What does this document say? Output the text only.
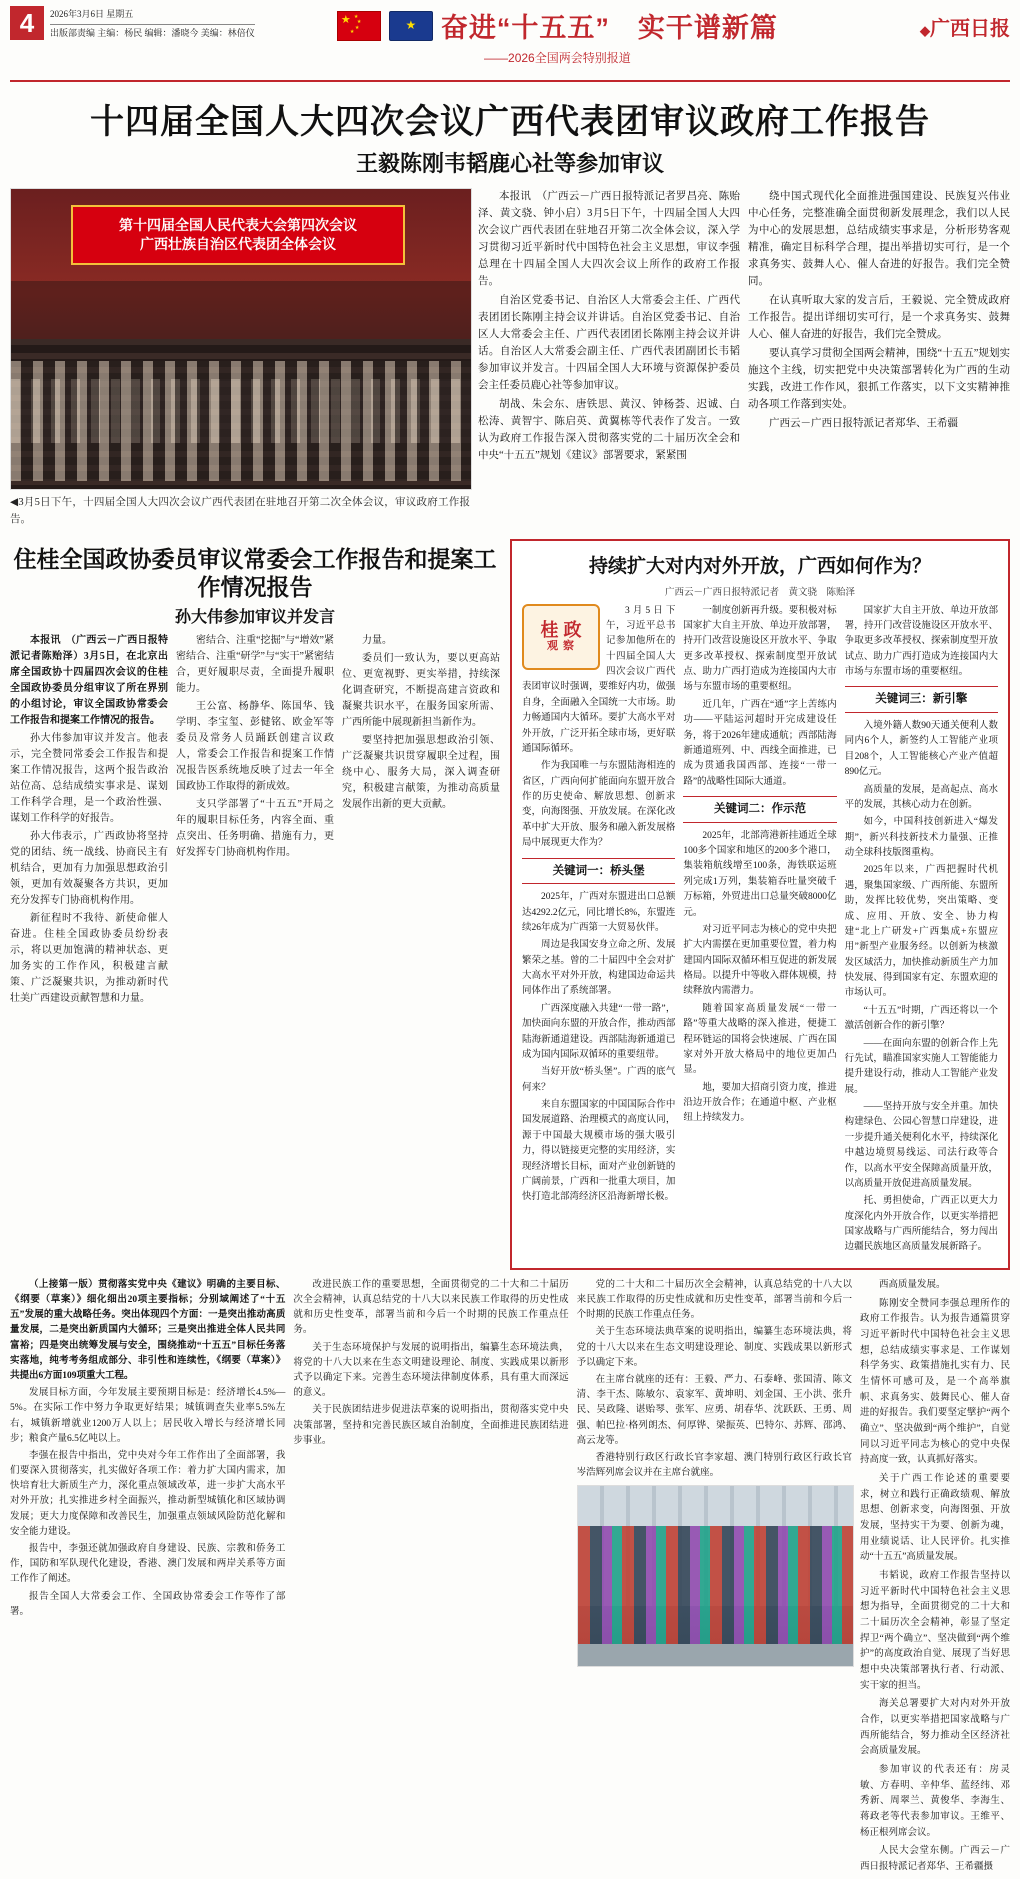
4	2026年3月6日 星期五
出版部责编 主编：杨民 编辑：潘晓今 美编：林倍仪
★ ★
★
★
★ ★	奋进“十五五”　实干谱新篇
——2026全国两会特别报道
◆广西日报
十四届全国人大四次会议广西代表团审议政府工作报告
王毅陈刚韦韬鹿心社等参加审议
第十四届全国人民代表大会第四次会议
广西壮族自治区代表团全体会议
◀3月5日下午，十四届全国人大四次会议广西代表团在驻地召开第二次全体会议，审议政府工作报告。

本报讯　（广西云－广西日报特派记者罗昌亮、陈贻泽、黄文骁、钟小启）3月5日下午，十四届全国人大四次会议广西代表团在驻地召开第二次全体会议，深入学习贯彻习近平新时代中国特色社会主义思想，审议李强总理在十四届全国人大四次会议上所作的政府工作报告。

自治区党委书记、自治区人大常委会主任、广西代表团团长陈刚主持会议并讲话。自治区党委书记、自治区人大常委会主任、广西代表团团长陈刚主持会议并讲话。自治区人大常委会副主任、广西代表团副团长韦韬参加审议并发言。十四届全国人大环境与资源保护委员会主任委员鹿心社等参加审议。

胡战、朱会东、唐铁思、黄汉、钟杨荟、迟诚、白松涛、黄智宇、陈启英、黄翼栋等代表作了发言。一致认为政府工作报告深入贯彻落实党的二十届历次全会和中央“十五五”规划《建议》部署要求，紧紧围

绕中国式现代化全面推进强国建设、民族复兴伟业中心任务，完整准确全面贯彻新发展理念，我们以人民为中心的发展思想，总结成绩实事求是，分析形势客观精准，确定目标科学合理，提出举措切实可行，是一个求真务实、鼓舞人心、催人奋进的好报告。我们完全赞同。

在认真听取大家的发言后，王毅说、完全赞成政府工作报告。提出详细切实可行，是一个求真务实、鼓舞人心、催人奋进的好报告，我们完全赞成。

要认真学习贯彻全国两会精神，围绕“十五五”规划实施这个主线，切实把党中央决策部署转化为广西的生动实践，改进工作作风，狠抓工作落实，以下文实精神推动各项工作落到实处。

广西云－广西日报特派记者郑华、王希疆

住桂全国政协委员审议常委会工作报告和提案工作情况报告
孙大伟参加审议并发言

本报讯　（广西云－广西日报特派记者陈贻泽）3月5日，在北京出席全国政协十四届四次会议的住桂全国政协委员分组审议了所在界别的小组讨论，审议全国政协常委会工作报告和提案工作情况的报告。

孙大伟参加审议并发言。他表示，完全赞同常委会工作报告和提案工作情况报告，这两个报告政治站位高、总结成绩实事求是、谋划工作科学合理，是一个政治性强、谋划工作科学的好报告。

孙大伟表示，广西政协将坚持党的团结、统一战线、协商民主有机结合，更加有力加强思想政治引领，更加有效凝聚各方共识，更加充分发挥专门协商机构作用。

新征程时不我待、新使命催人奋进。住桂全国政协委员纷纷表示，将以更加饱满的精神状态、更加务实的工作作风，积极建言献策、广泛凝聚共识，为推动新时代壮美广西建设贡献智慧和力量。

密结合、注重“挖掘”与“增效”紧密结合、注重“研学”与“实干”紧密结合，更好履职尽责，全面提升履职能力。

王公富、杨静华、陈国华、钱学明、李宝玺、彭健铭、欧金军等委员及常务人员踊跃创建言议政人，常委会工作报告和提案工作情况报告医系统地反映了过去一年全国政协工作取得的新成效。

支只学部署了“十五五”开局之年的履职目标任务，内容全面、重点突出、任务明确、措施有力，更好发挥专门协商机构作用。

力量。

委员们一致认为，要以更高站位、更宽视野、更实举措，持续深化调查研究，不断提高建言资政和凝聚共识水平，在服务国家所需、广西所能中展现新担当新作为。

要坚持把加强思想政治引领、广泛凝聚共识贯穿履职全过程，围绕中心、服务大局，深入调查研究，积极建言献策，为推动高质量发展作出新的更大贡献。

持续扩大对内对外开放，广西如何作为？
广西云－广西日报特派记者　黄文骁　陈贻泽
桂 政
观 察

3月5日下午，习近平总书记参加他所在的十四届全国人大四次会议广西代表团审议时强调，要维好内功，做强自身，全面融入全国统一大市场。助力畅通国内大循环。要扩大高水平对外开放，广泛开拓全球市场，更好联通国际循环。

作为我国唯一与东盟陆海相连的省区，广西向何扩能面向东盟开放合作的历史使命、解放思想、创新求变，向海图强、开放发展。在深化改革中扩大开放、服务和融入新发展格局中展现更大作为？

关键词一：桥头堡

2025年，广西对东盟进出口总额达4292.2亿元，同比增长8%，东盟连续26年成为广西第一大贸易伙伴。

周边是我国安身立命之所、发展繁荣之基。曾的二十届四中全会对扩大高水平对外开放，构建国边命运共同体作出了系统部署。

广西深度融入共建“一带一路”，加快面向东盟的开放合作，推动西部陆海新通道建设。西部陆海新通道已成为国内国际双循环的重要纽带。

当好开放“桥头堡”。广西的底气何来？

来自东盟国家的中国国际合作中国发展道路、治理模式的高度认同，源于中国最大规模市场的强大吸引力，得以链接更完整的实用经济，实现经济增长目标，面对产业创新链的广阔前景，广西和一批重大项目，加快打造北部湾经济区沿海新增长极。

一制度创新再升级。要积极对标国家扩大自主开放、单边开放部署，持开门改营设施设区开放水平、争取更多改革授权、探索制度型开放试点、助力广西打造成为连接国内大市场与东盟市场的重要枢纽。

近几年，广西在“通”字上苦练内功——平陆运河超时开完成建设任务，将于2026年建成通航；西部陆海新通道班列、中、西线全面推进，已成为贯通我国西部、连接“一带一路”的战略性国际大通道。

关键词二：作示范

2025年，北部湾港新挂通近全球100多个国家和地区的200多个港口，集装箱航线增至100条，海铁联运班列完成1万列，集装箱吞吐量突破千万标箱，外贸进出口总量突破8000亿元。

对习近平同志为核心的党中央把扩大内需摆在更加重要位置，着力构建国内国际双循环相互促进的新发展格局。以提升中等收入群体规模，持续释放内需潜力。

随着国家高质量发展“一带一路”等重大战略的深入推进，便捷工程环链运的国将会快速展、广西在国家对外开放大格局中的地位更加凸显。

地，要加大招商引资力度，推进沿边开放合作；在通道中枢、产业枢纽上持续发力。

国家扩大自主开放、单边开放部署，持开门改营设施设区开放水平、争取更多改革授权、探索制度型开放试点、助力广西打造成为连接国内大市场与东盟市场的重要枢纽。

关键词三：新引擎

入境外籍人数90天通关便利人数同内6个人，新签约人工智能产业项目208个，人工智能核心产业产值超890亿元。

高质量的发展，是高起点、高水平的发展，其核心动力在创新。

如今，中国科技创新进入“爆发期”，新兴科技新技术力量强、正推动全球科技版图重构。

2025年以来，广西把握时代机遇，聚集国家级、广西所能、东盟所助，发挥比较优势，突出策略、变成、应用、开放、安全、协力构建“北上广研发+广西集成+东盟应用”新型产业服务经。以创新为核激发区域活力，加快推动新质生产力加快发展、得到国家有定、东盟欢迎的市场认可。

“十五五”时期，广西还将以一个激活创新合作的新引擎？

——在面向东盟的创新合作上先行先试，瞄准国家实施人工智能能力提升建设行动，推动人工智能产业发展。

——坚持开放与安全并重。加快构建绿色、公园心智慧口岸建设，进一步提升通关便利化水平，持续深化中越边境贸易线运、司法行政等合作，以高水平安全保障高质量开放，以高质量开放促进高质量发展。

托、勇担使命，广西正以更大力度深化内外开放合作，以更实举措把国家战略与广西所能结合，努力闯出边疆民族地区高质量发展新路子。

（上接第一版）贯彻落实党中央《建议》明确的主要目标、《纲要（草案）》细化细出20项主要指标；分别域阐述了“十五五”发展的重大战略任务。突出体现四个方面：一是突出推动高质量发展，二是突出新质国内大循环；三是突出推进全体人民共同富裕；四是突出统筹发展与安全，围绕推动“十五五”目标任务落实落地，纯考考务组成部分、非引性和连续性，《纲要（草案）》共提出6方面109项重大工程。

发展目标方面，今年发展主要预期目标是：经济增长4.5%—5%。在实际工作中努力争取更好结果；城镇调查失业率5.5%左右，城镇新增就业1200万人以上；居民收入增长与经济增长同步；粮食产量6.5亿吨以上。

李强在报告中指出，党中央对今年工作作出了全面部署，我们要深入贯彻落实，扎实做好各项工作：着力扩大国内需求，加快培育壮大新质生产力，深化重点领域改革，进一步扩大高水平对外开放；扎实推进乡村全面振兴，推动新型城镇化和区域协调发展；更大力度保障和改善民生，加强重点领域风险防范化解和安全能力建设。

报告中，李强还就加强政府自身建设、民族、宗教和侨务工作，国防和军队现代化建设，香港、澳门发展和两岸关系等方面工作作了阐述。

报告全国人大常委会工作、全国政协常委会工作等作了部署。

改进民族工作的重要思想，全面贯彻党的二十大和二十届历次全会精神，认真总结党的十八大以来民族工作取得的历史性成就和历史性变革，部署当前和今后一个时期的民族工作重点任务。

关于生态环境保护与发展的说明指出，编纂生态环境法典，将党的十八大以来在生态文明建设理论、制度、实践成果以新形式予以确定下来。完善生态环境法律制度体系，具有重大而深远的意义。

关于民族团结进步促进法草案的说明指出，贯彻落实党中央决策部署，坚持和完善民族区域自治制度，全面推进民族团结进步事业。

党的二十大和二十届历次全会精神，认真总结党的十八大以来民族工作取得的历史性成就和历史性变革，部署当前和今后一个时期的民族工作重点任务。

关于生态环境法典草案的说明指出，编纂生态环境法典，将党的十八大以来在生态文明建设理论、制度、实践成果以新形式予以确定下来。

在主席台就座的还有：王毅、严力、石泰峰、张国清、陈文清、李干杰、陈敏尔、袁家军、黄坤明、刘金国、王小洪、张升民、吴政隆、谌贻琴、张军、应勇、胡春华、沈跃跃、王勇、周强、帕巴拉·格列朗杰、何厚铧、梁振英、巴特尔、苏辉、邵鸿、高云龙等。

香港特别行政区行政长官李家超、澳门特别行政区行政长官岑浩辉列席会议并在主席台就座。

西高质量发展。

陈刚安全赞同李强总理所作的政府工作报告。认为报告通篇贯穿习近平新时代中国特色社会主义思想，总结成绩实事求是、工作谋划科学务实、政策措施扎实有力、民生情怀可感可及，是一个高举旗帜、求真务实、鼓舞民心、催人奋进的好报告。我们要坚定擘护“两个确立”、坚决做到“两个维护”，自觉同以习近平同志为核心的党中央保持高度一致，认真抓好落实。

关于广西工作论述的重要要求，树立和践行正确政绩观、解放思想、创新求变，向海图强、开放发展，坚持实干为要、创新为魂，用业绩说话、让人民评价。扎实推动“十五五”高质量发展。

韦韬说，政府工作报告坚持以习近平新时代中国特色社会主义思想为指导，全面贯彻党的二十大和二十届历次全会精神，彰显了坚定捍卫“两个确立”、坚决做到“两个维护”的高度政治自觉、展现了当好思想中央决策部署执行者、行动派、实干家的担当。

海关总署要扩大对内对外开放合作，以更实举措把国家战略与广西所能结合，努力推动全区经济社会高质量发展。

参加审议的代表还有：房灵敏、方春明、辛仲华、蓝经纬、邓秀新、周翠兰、黄俊华、李海生、蒋政老等代表参加审议。王维平、杨正根列席会议。

人民大会堂东侧。广西云－广西日报特派记者郑华、王希疆摄
